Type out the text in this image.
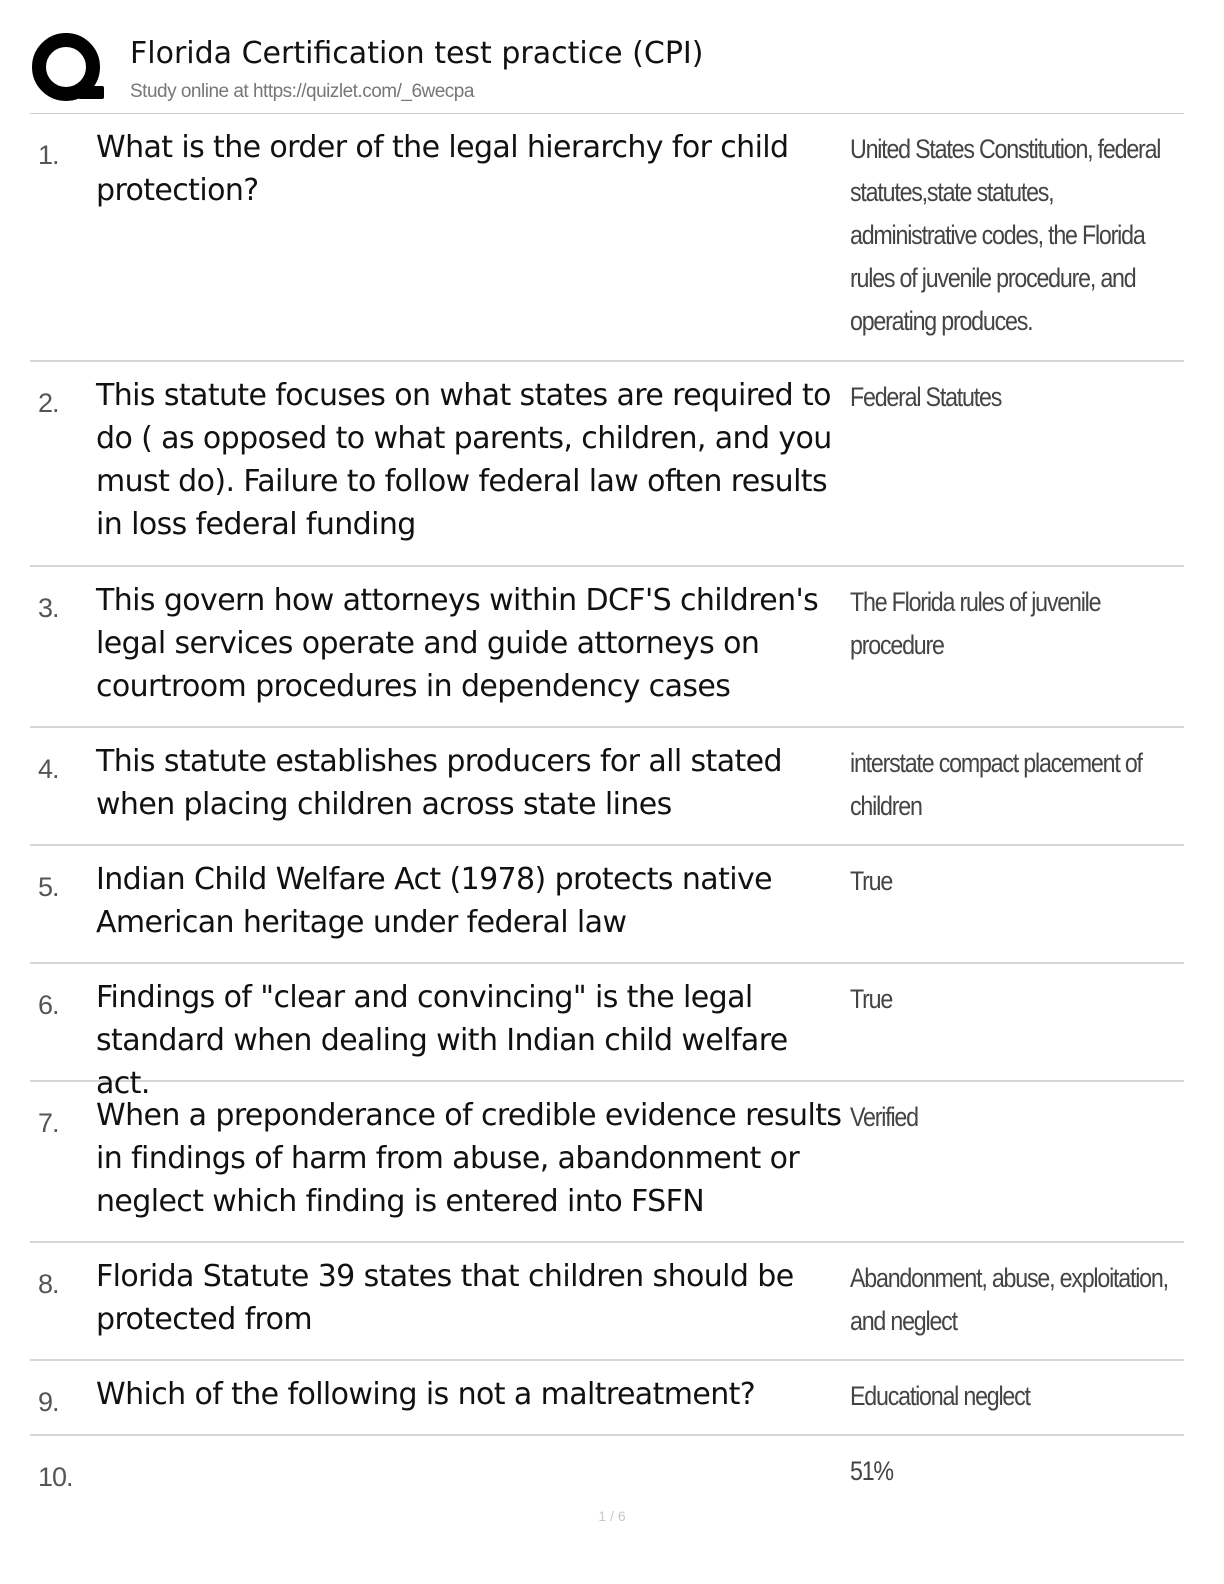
Florida Certification test practice (CPI)
Study online at https://quizlet.com/_6wecpa
1. What is the order of the legal hierarchy for child protection?
United States Constitution, federal statutes,state statutes, administrative codes, the Florida rules of juvenile procedure, and operating produces.
2. This statute focuses on what states are required to do ( as opposed to what parents, children, and you must do). Failure to follow federal law often results in loss federal funding
Federal Statutes
3. This govern how attorneys within DCF'S children's legal services operate and guide attorneys on courtroom procedures in dependency cases
The Florida rules of juvenile procedure
4. This statute establishes producers for all stated when placing children across state lines
interstate compact placement of children
5. Indian Child Welfare Act (1978) protects native American heritage under federal law
True
6. Findings of "clear and convincing" is the legal standard when dealing with Indian child welfare act.
True
7. When a preponderance of credible evidence results in findings of harm from abuse, abandonment or neglect which finding is entered into FSFN
Verified
8. Florida Statute 39 states that children should be protected from
Abandonment, abuse, exploitation, and neglect
9. Which of the following is not a maltreatment?	Educational neglect
10.	51%
1 / 6
